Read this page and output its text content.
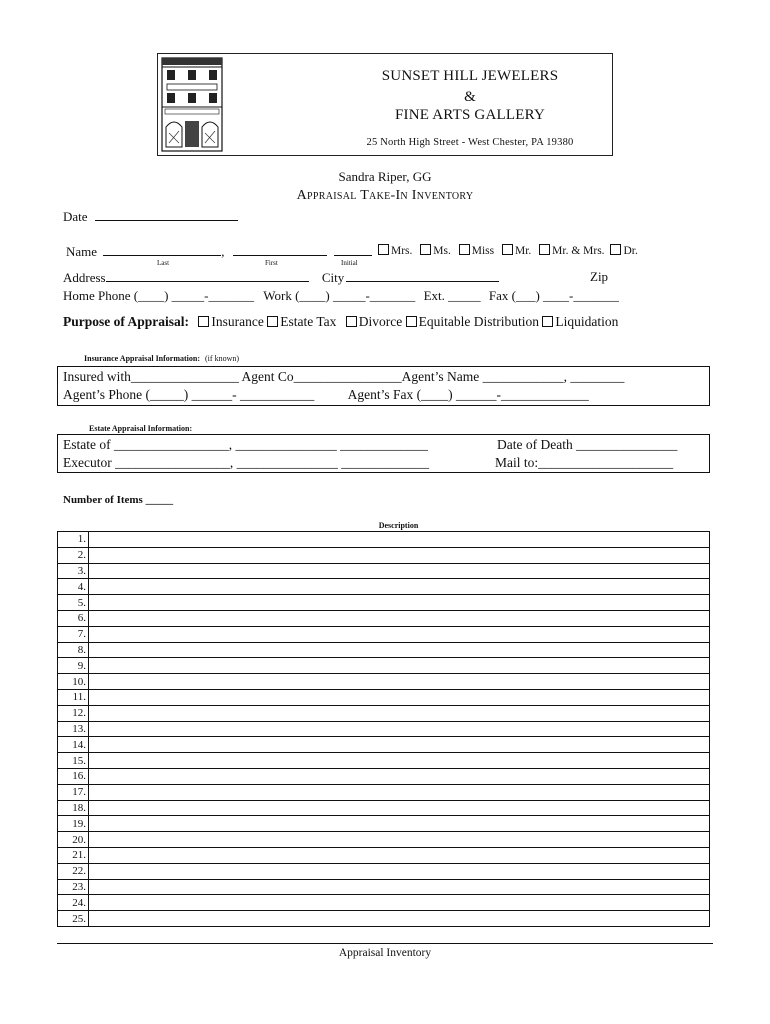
SUNSET HILL JEWELERS
&
FINE ARTS GALLERY
25 North High Street - West Chester, PA 19380
Sandra Riper, GG
Appraisal Take-In Inventory
Date
Name	,
Last	First	Initial
Mrs. Ms. Miss Mr. Mr. & Mrs. Dr.
Address	City	Zip
Home Phone (____) _____-_______ Work (____) _____-_______ Ext. _____ Fax (___) ____-_______
Purpose of Appraisal: Insurance Estate Tax Divorce Equitable Distribution Liquidation
Insurance Appraisal Information: (if known)
Insured with________________ Agent Co________________Agent’s Name ____________, ________
Agent’s Phone (_____) ______- ___________ Agent’s Fax (____) ______-_____________
Estate Appraisal Information:
Estate of _________________, _______________ _____________	Date of Death _______________
Executor _________________, _______________ _____________	Mail to:____________________
Number of Items _____
Description
1.	
2.	
3.	
4.	
5.	
6.	
7.	
8.	
9.	
10.	
11.	
12.	
13.	
14.	
15.	
16.	
17.	
18.	
19.	
20.	
21.	
22.	
23.	
24.	
25.	
Appraisal Inventory
